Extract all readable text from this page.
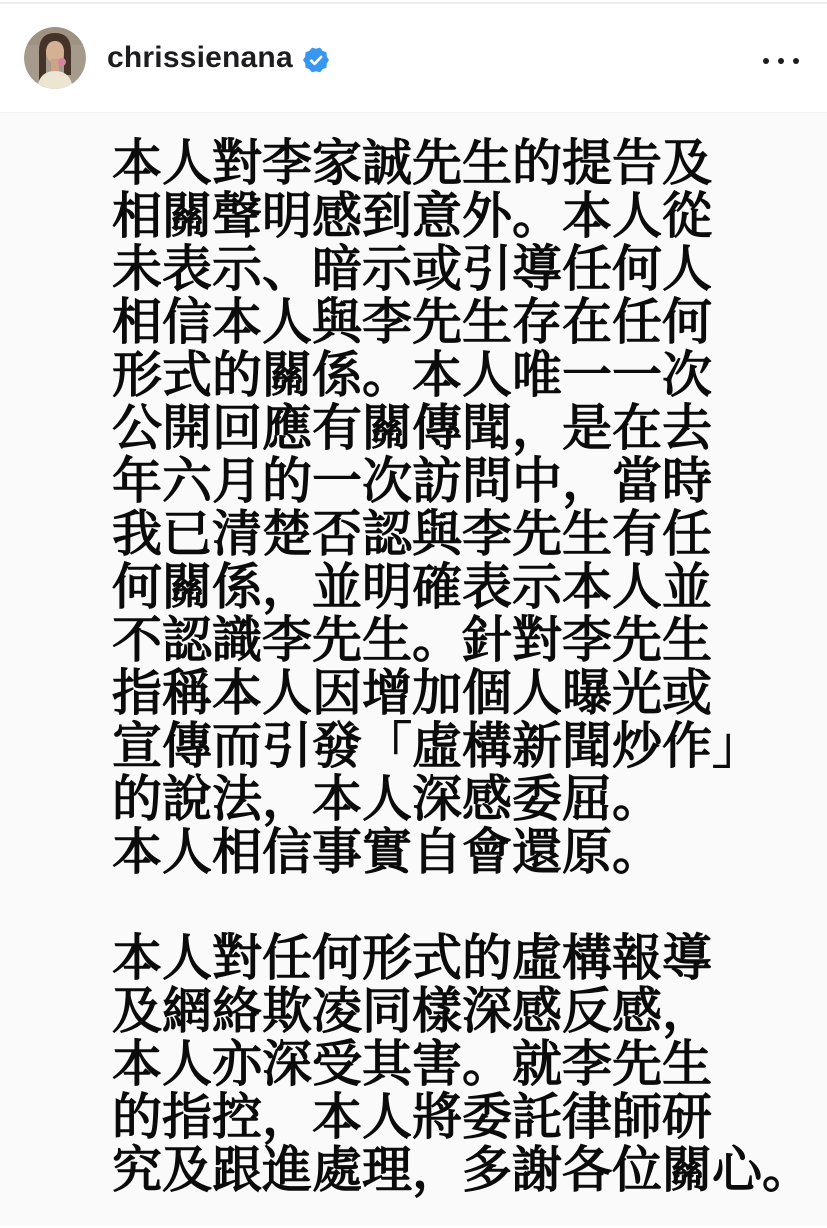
chrissienana
本人對李家誠先生的提告及
相關聲明感到意外。本人從
未表示、暗示或引導任何人
相信本人與李先生存在任何
形式的關係。本人唯一一次
公開回應有關傳聞，是在去
年六月的一次訪問中，當時
我已清楚否認與李先生有任
何關係，並明確表示本人並
不認識李先生。針對李先生
指稱本人因增加個人曝光或
宣傳而引發「虛構新聞炒作」
的說法，本人深感委屈。
本人相信事實自會還原。
本人對任何形式的虛構報導
及網絡欺凌同樣深感反感，
本人亦深受其害。就李先生
的指控，本人將委託律師研
究及跟進處理，多謝各位關心。
